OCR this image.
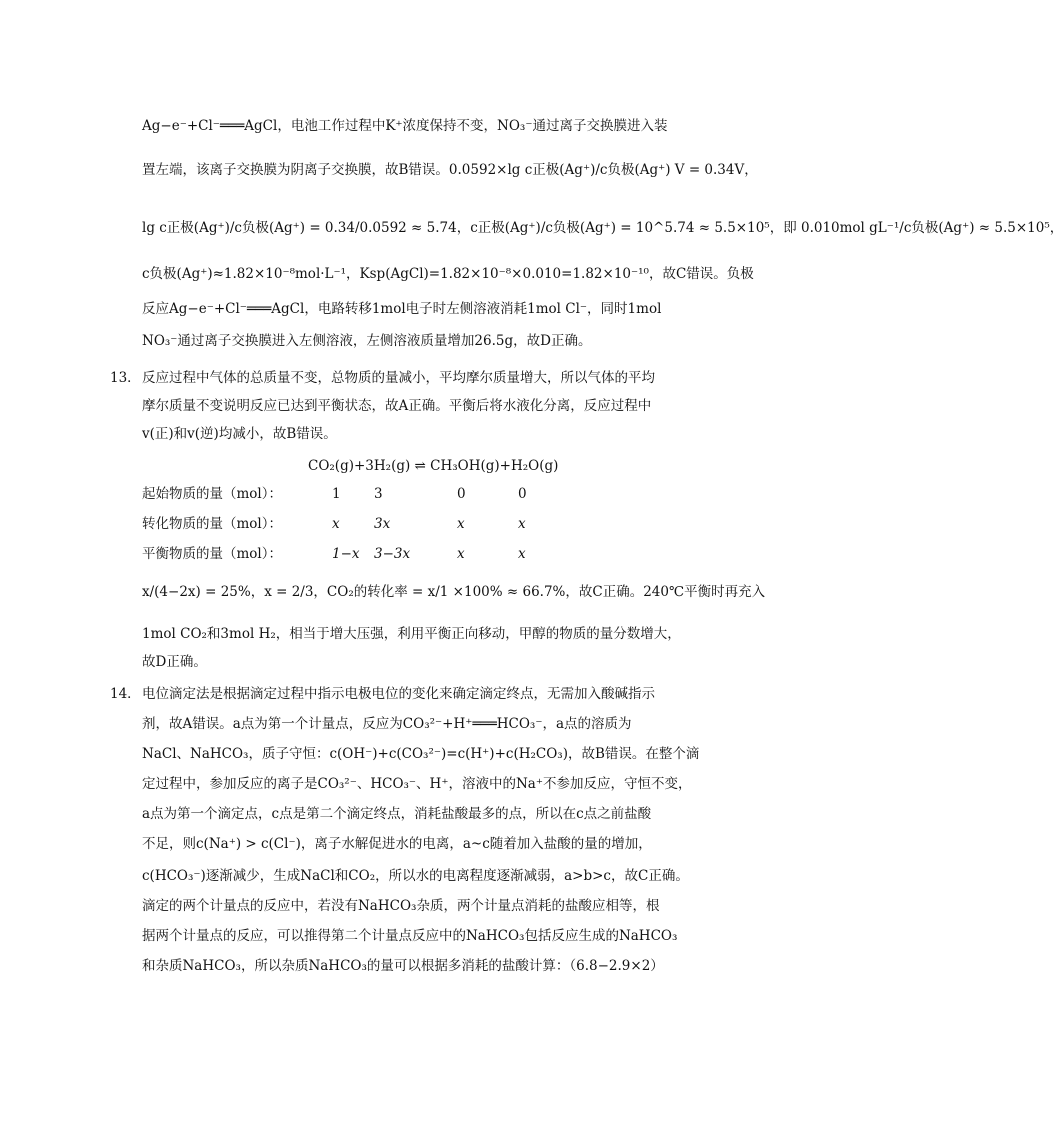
Ag−e⁻+Cl⁻═══AgCl，电池工作过程中K⁺浓度保持不变，NO₃⁻通过离子交换膜进入装
置左端，该离子交换膜为阴离子交换膜，故B错误。0.0592×lg c正极(Ag⁺)/c负极(Ag⁺) V = 0.34V，
lg c正极(Ag⁺)/c负极(Ag⁺) = 0.34/0.0592 ≈ 5.74，c正极(Ag⁺)/c负极(Ag⁺) = 10^5.74 ≈ 5.5×10⁵，即 0.010mol gL⁻¹/c负极(Ag⁺) ≈ 5.5×10⁵，
c负极(Ag⁺)≈1.82×10⁻⁸mol·L⁻¹，Ksp(AgCl)=1.82×10⁻⁸×0.010=1.82×10⁻¹⁰，故C错误。负极
反应Ag−e⁻+Cl⁻═══AgCl，电路转移1mol电子时左侧溶液消耗1mol Cl⁻，同时1mol
NO₃⁻通过离子交换膜进入左侧溶液，左侧溶液质量增加26.5g，故D正确。
13． 反应过程中气体的总质量不变，总物质的量减小，平均摩尔质量增大，所以气体的平均
摩尔质量不变说明反应已达到平衡状态，故A正确。平衡后将水液化分离，反应过程中
v(正)和v(逆)均减小，故B错误。
CO₂(g)+3H₂(g) ⇌ CH₃OH(g)+H₂O(g)
起始物质的量（mol）：	1 3	0	0
转化物质的量（mol）：	x	3x	x	x
平衡物质的量（mol）：	1−x 3−3x	x	x
x/(4−2x) = 25%，x = 2/3，CO₂的转化率 = x/1 ×100% ≈ 66.7%，故C正确。240℃平衡时再充入
1mol CO₂和3mol H₂，相当于增大压强，利用平衡正向移动，甲醇的物质的量分数增大，
故D正确。
14． 电位滴定法是根据滴定过程中指示电极电位的变化来确定滴定终点，无需加入酸碱指示
剂，故A错误。a点为第一个计量点，反应为CO₃²⁻+H⁺═══HCO₃⁻，a点的溶质为
NaCl、NaHCO₃，质子守恒：c(OH⁻)+c(CO₃²⁻)=c(H⁺)+c(H₂CO₃)，故B错误。在整个滴
定过程中，参加反应的离子是CO₃²⁻、HCO₃⁻、H⁺，溶液中的Na⁺不参加反应，守恒不变，
a点为第一个滴定点，c点是第二个滴定终点，消耗盐酸最多的点，所以在c点之前盐酸
不足，则c(Na⁺) > c(Cl⁻)，离子水解促进水的电离，a~c随着加入盐酸的量的增加，
c(HCO₃⁻)逐渐减少，生成NaCl和CO₂，所以水的电离程度逐渐减弱，a>b>c，故C正确。
滴定的两个计量点的反应中，若没有NaHCO₃杂质，两个计量点消耗的盐酸应相等，根
据两个计量点的反应，可以推得第二个计量点反应中的NaHCO₃包括反应生成的NaHCO₃
和杂质NaHCO₃，所以杂质NaHCO₃的量可以根据多消耗的盐酸计算：（6.8−2.9×2）
